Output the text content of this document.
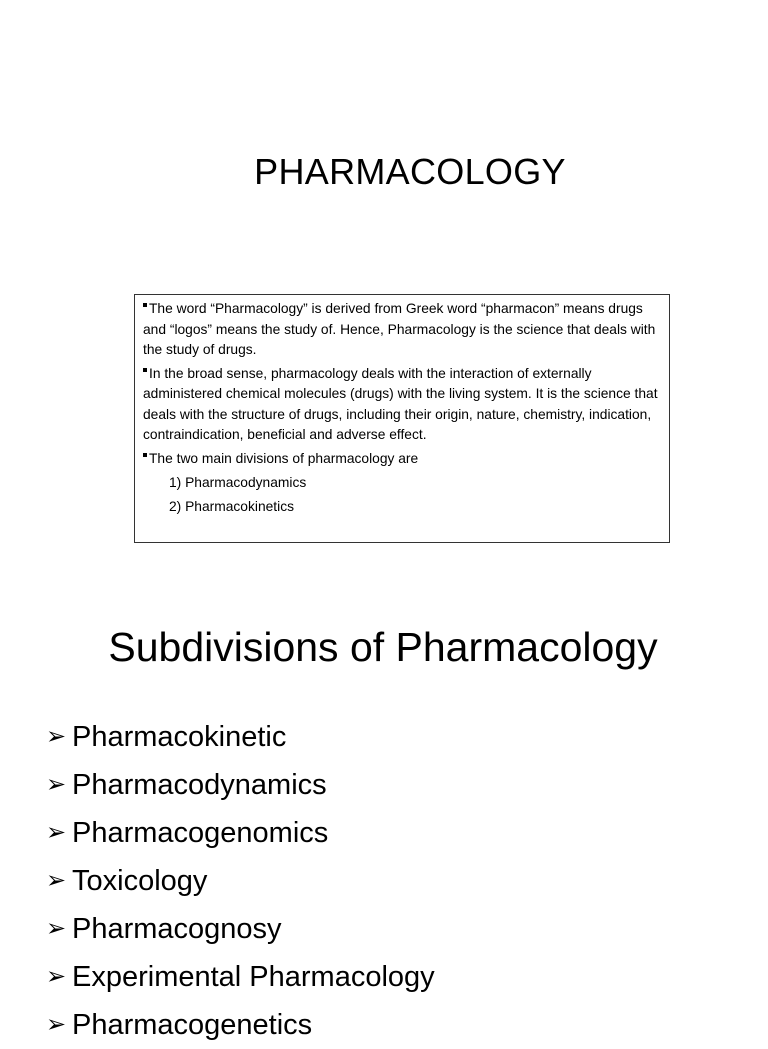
PHARMACOLOGY

The word “Pharmacology” is derived from Greek word “pharmacon” means drugs and “logos” means the study of. Hence, Pharmacology is the science that deals with the study of drugs.

In the broad sense, pharmacology deals with the interaction of externally administered chemical molecules (drugs) with the living system. It is the science that deals with the structure of drugs, including their origin, nature, chemistry, indication, contraindication, beneficial and adverse effect.

The two main divisions of pharmacology are

1) Pharmacodynamics
2) Pharmacokinetics
Subdivisions of Pharmacology
➢ Pharmacokinetic
➢ Pharmacodynamics
➢ Pharmacogenomics
➢ Toxicology
➢ Pharmacognosy
➢ Experimental Pharmacology
➢ Pharmacogenetics
